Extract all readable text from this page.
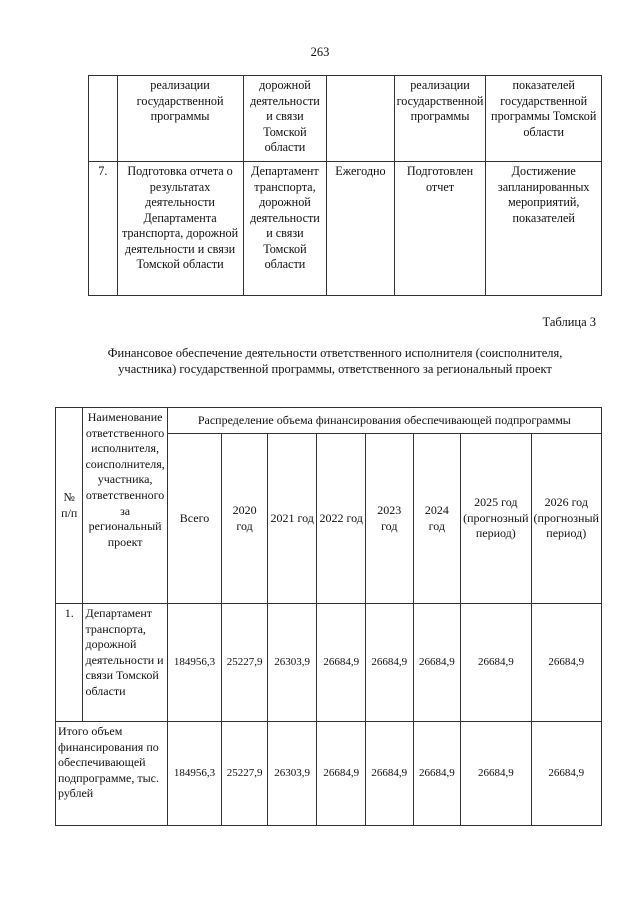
263
	реализации государственной программы	дорожной деятельности и связи Томской области		реализации государственной программы	показателей государственной программы Томской области
7.	Подготовка отчета о результатах деятельности Департамента транспорта, дорожной деятельности и связи Томской области	Департамент транспорта, дорожной деятельности и связи Томской области	Ежегодно	Подготовлен отчет	Достижение запланированных мероприятий, показателей
Таблица 3
Финансовое обеспечение деятельности ответственного исполнителя (соисполнителя, участника) государственной программы, ответственного за региональный проект
№ п/п	Наименование ответственного исполнителя, соисполнителя, участника, ответственного за региональный проект	Распределение объема финансирования обеспечивающей подпрограммы							
		Всего	2020 год	2021 год	2022 год	2023 год	2024 год	2025 год (прогнозный период)	2026 год (прогнозный период)
1.	Департамент транспорта, дорожной деятельности и связи Томской области	184956,3	25227,9	26303,9	26684,9	26684,9	26684,9	26684,9	26684,9
Итого объем финансирования по обеспечивающей подпрограмме, тыс. рублей		184956,3	25227,9	26303,9	26684,9	26684,9	26684,9	26684,9	26684,9
